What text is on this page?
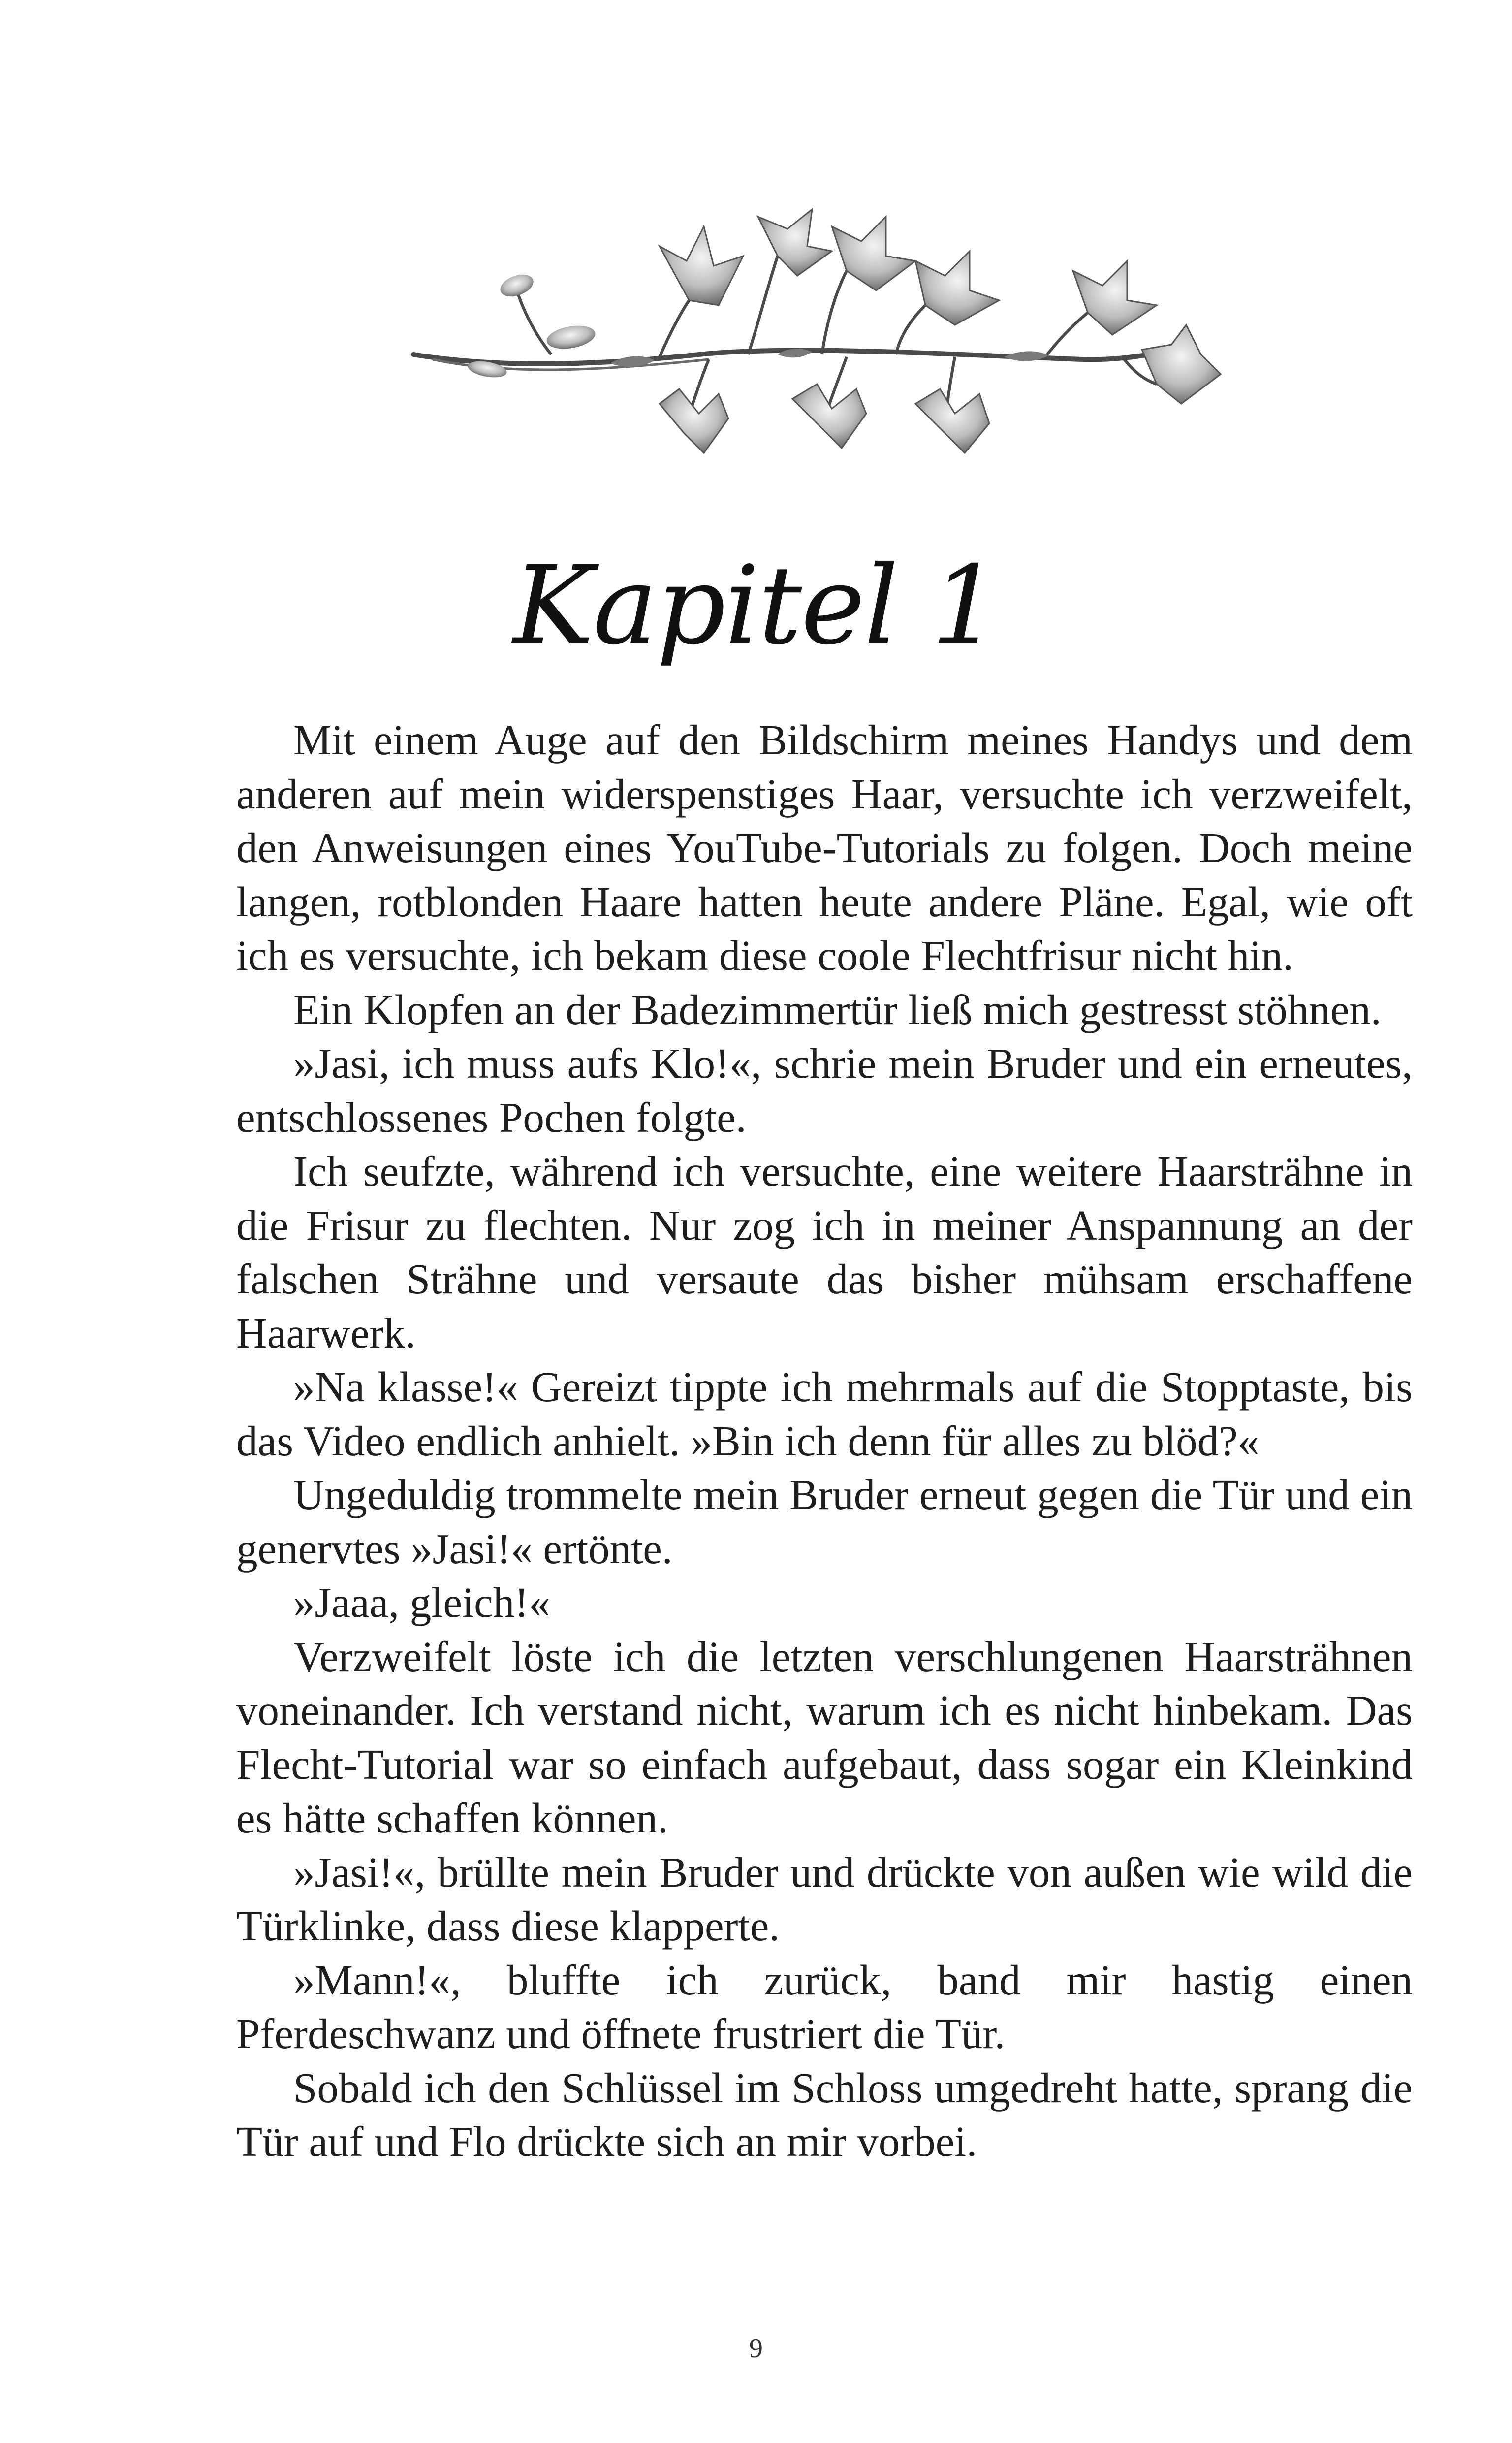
Kapitel 1

Mit einem Auge auf den Bildschirm meines Handys und dem anderen auf mein widerspenstiges Haar, versuchte ich verzweifelt, den Anweisungen eines YouTube-Tutorials zu folgen. Doch meine langen, rotblonden Haare hatten heute andere Pläne. Egal, wie oft ich es versuchte, ich bekam diese coole Flechtfrisur nicht hin.

Ein Klopfen an der Badezimmertür ließ mich gestresst stöhnen.

»Jasi, ich muss aufs Klo!«, schrie mein Bruder und ein erneutes, entschlossenes Pochen folgte.

Ich seufzte, während ich versuchte, eine weitere Haarsträhne in die Frisur zu flechten. Nur zog ich in meiner Anspannung an der falschen Strähne und versaute das bisher mühsam erschaffene Haarwerk.

»Na klasse!« Gereizt tippte ich mehrmals auf die Stopptaste, bis das Video endlich anhielt. »Bin ich denn für alles zu blöd?«

Ungeduldig trommelte mein Bruder erneut gegen die Tür und ein genervtes »Jasi!« ertönte.

»Jaaa, gleich!«

Verzweifelt löste ich die letzten verschlungenen Haarsträhnen voneinander. Ich verstand nicht, warum ich es nicht hinbekam. Das Flecht-Tutorial war so einfach aufgebaut, dass sogar ein Kleinkind es hätte schaffen können.

»Jasi!«, brüllte mein Bruder und drückte von außen wie wild die Türklinke, dass diese klapperte.

»Mann!«, bluffte ich zurück, band mir hastig einen Pferdeschwanz und öffnete frustriert die Tür.

Sobald ich den Schlüssel im Schloss umgedreht hatte, sprang die Tür auf und Flo drückte sich an mir vorbei.

9
